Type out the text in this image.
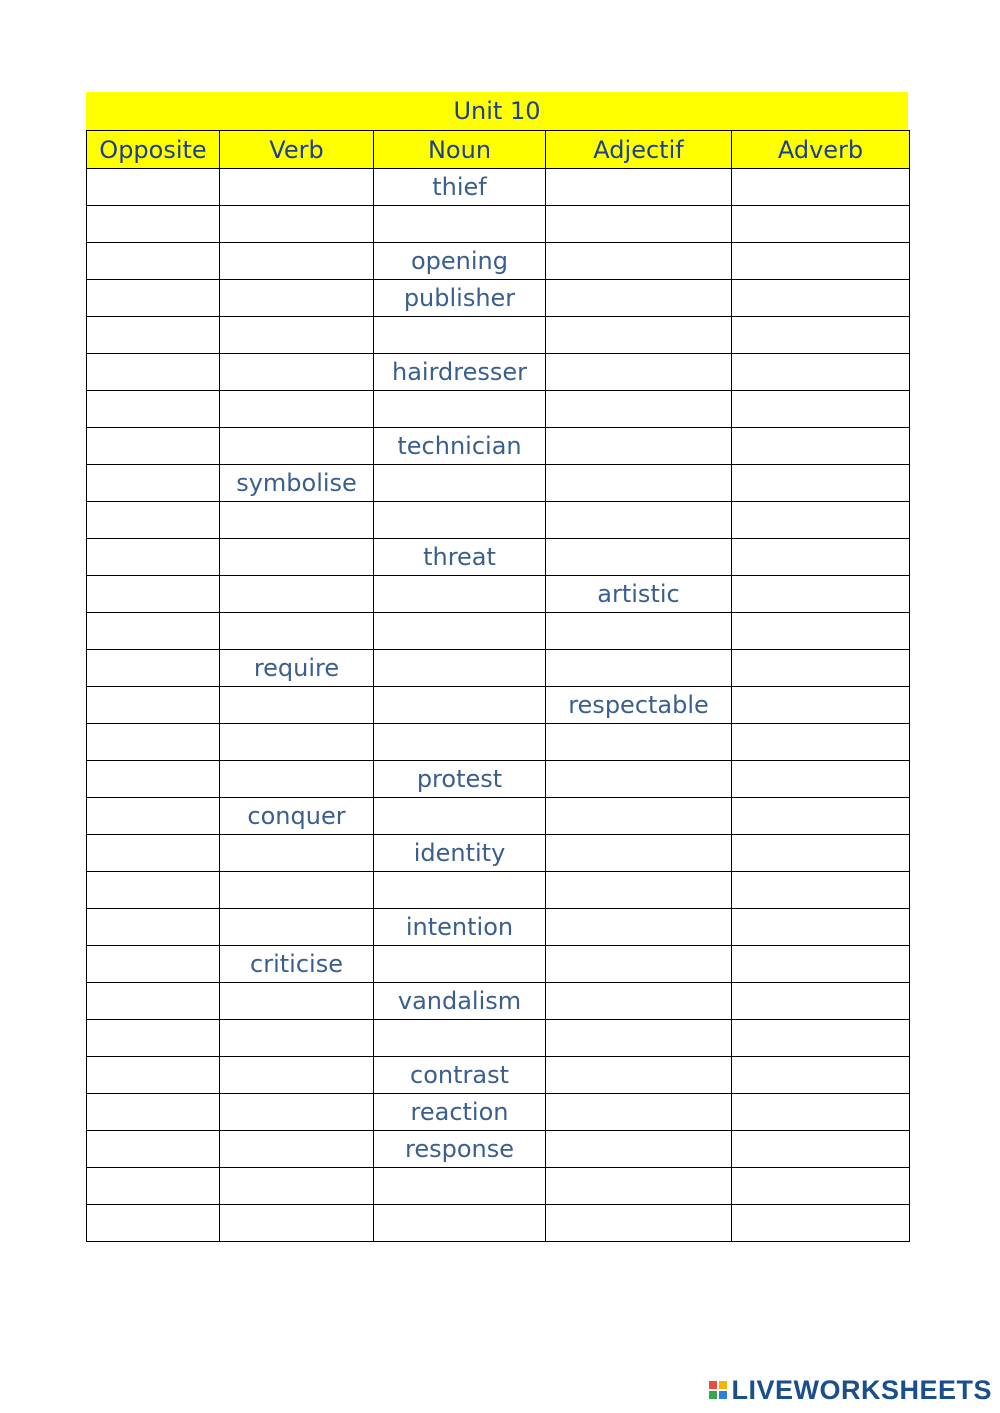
Unit 10
Opposite	Verb	Noun	Adjectif	Adverb
		thief		

		opening		
		publisher		

		hairdresser		

		technician		
	symbolise			

		threat		
			artistic	

	require			
			respectable	

		protest		
	conquer			
		identity		

		intention		
	criticise			
		vandalism		

		contrast		
		reaction		
		response		

LIVEWORKSHEETS
